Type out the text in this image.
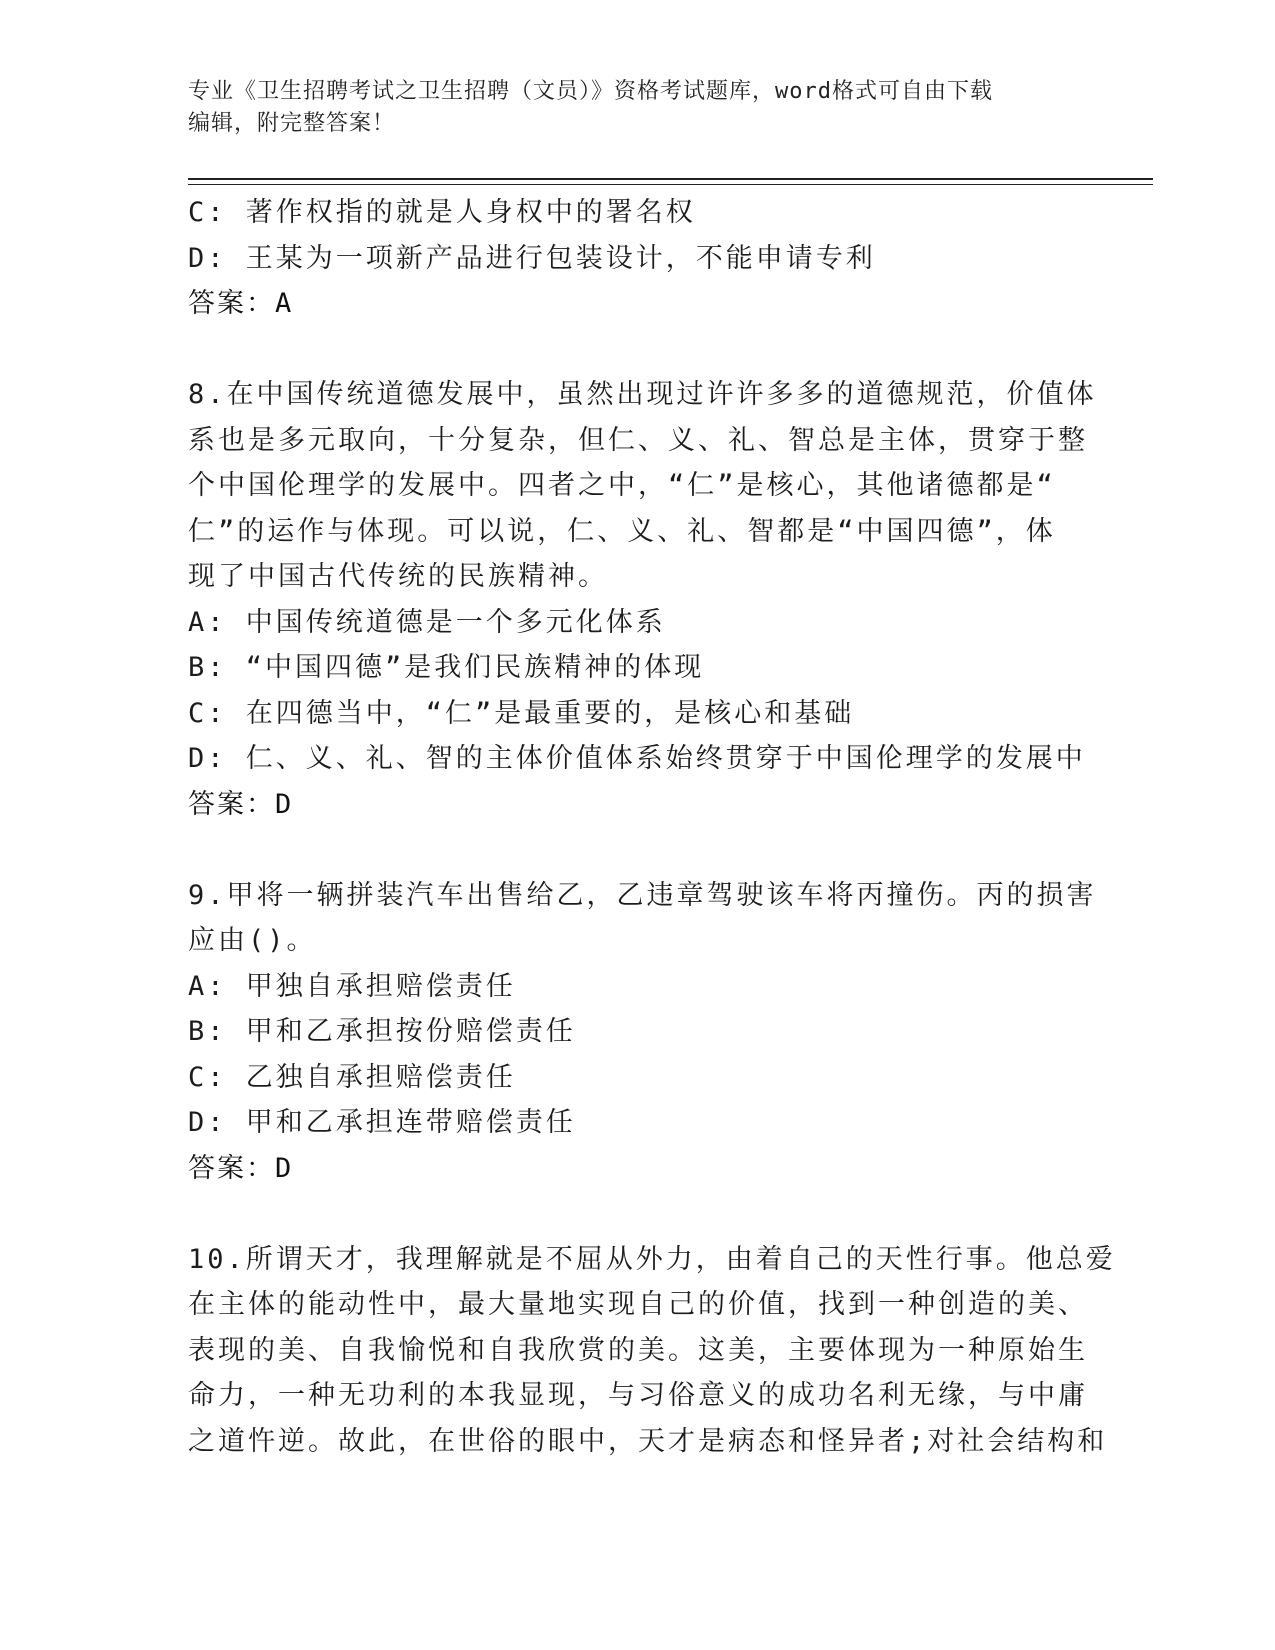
专业《卫生招聘考试之卫生招聘（文员）》资格考试题库，word格式可自由下载
编辑，附完整答案！
C: 著作权指的就是人身权中的署名权
D: 王某为一项新产品进行包装设计，不能申请专利
答案：A
8.在中国传统道德发展中，虽然出现过许许多多的道德规范，价值体
系也是多元取向，十分复杂，但仁、义、礼、智总是主体，贯穿于整
个中国伦理学的发展中。四者之中，“仁”是核心，其他诸德都是“
仁”的运作与体现。可以说，仁、义、礼、智都是“中国四德”，体
现了中国古代传统的民族精神。
A: 中国传统道德是一个多元化体系
B: “中国四德”是我们民族精神的体现
C: 在四德当中，“仁”是最重要的，是核心和基础
D: 仁、义、礼、智的主体价值体系始终贯穿于中国伦理学的发展中
答案：D
9.甲将一辆拼装汽车出售给乙，乙违章驾驶该车将丙撞伤。丙的损害
应由()。
A: 甲独自承担赔偿责任
B: 甲和乙承担按份赔偿责任
C: 乙独自承担赔偿责任
D: 甲和乙承担连带赔偿责任
答案：D
10.所谓天才，我理解就是不屈从外力，由着自己的天性行事。他总爱
在主体的能动性中，最大量地实现自己的价值，找到一种创造的美、
表现的美、自我愉悦和自我欣赏的美。这美，主要体现为一种原始生
命力，一种无功利的本我显现，与习俗意义的成功名利无缘，与中庸
之道忤逆。故此，在世俗的眼中，天才是病态和怪异者;对社会结构和
